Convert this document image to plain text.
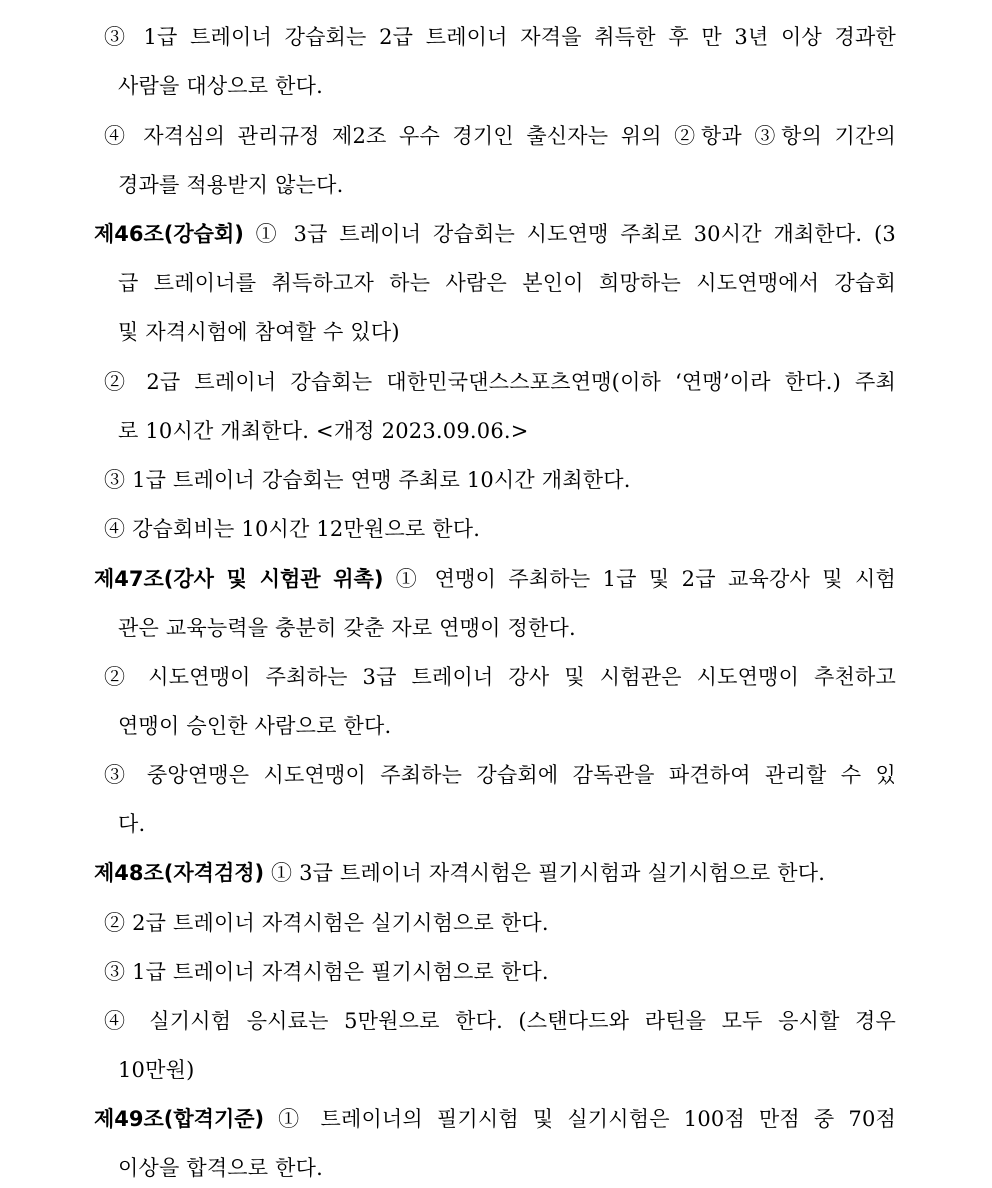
③ 1급 트레이너 강습회는 2급 트레이너 자격을 취득한 후 만 3년 이상 경과한
사람을 대상으로 한다.
④ 자격심의 관리규정 제2조 우수 경기인 출신자는 위의 ②항과 ③항의 기간의
경과를 적용받지 않는다.
제46조(강습회) ① 3급 트레이너 강습회는 시도연맹 주최로 30시간 개최한다. (3
급 트레이너를 취득하고자 하는 사람은 본인이 희망하는 시도연맹에서 강습회
및 자격시험에 참여할 수 있다)
② 2급 트레이너 강습회는 대한민국댄스스포츠연맹(이하 ‘연맹’이라 한다.) 주최
로 10시간 개최한다. <개정 2023.09.06.>
③ 1급 트레이너 강습회는 연맹 주최로 10시간 개최한다.
④ 강습회비는 10시간 12만원으로 한다.
제47조(강사 및 시험관 위촉) ① 연맹이 주최하는 1급 및 2급 교육강사 및 시험
관은 교육능력을 충분히 갖춘 자로 연맹이 정한다.
② 시도연맹이 주최하는 3급 트레이너 강사 및 시험관은 시도연맹이 추천하고
연맹이 승인한 사람으로 한다.
③ 중앙연맹은 시도연맹이 주최하는 강습회에 감독관을 파견하여 관리할 수 있
다.
제48조(자격검정) ① 3급 트레이너 자격시험은 필기시험과 실기시험으로 한다.
② 2급 트레이너 자격시험은 실기시험으로 한다.
③ 1급 트레이너 자격시험은 필기시험으로 한다.
④ 실기시험 응시료는 5만원으로 한다. (스탠다드와 라틴을 모두 응시할 경우
10만원)
제49조(합격기준) ① 트레이너의 필기시험 및 실기시험은 100점 만점 중 70점
이상을 합격으로 한다.
